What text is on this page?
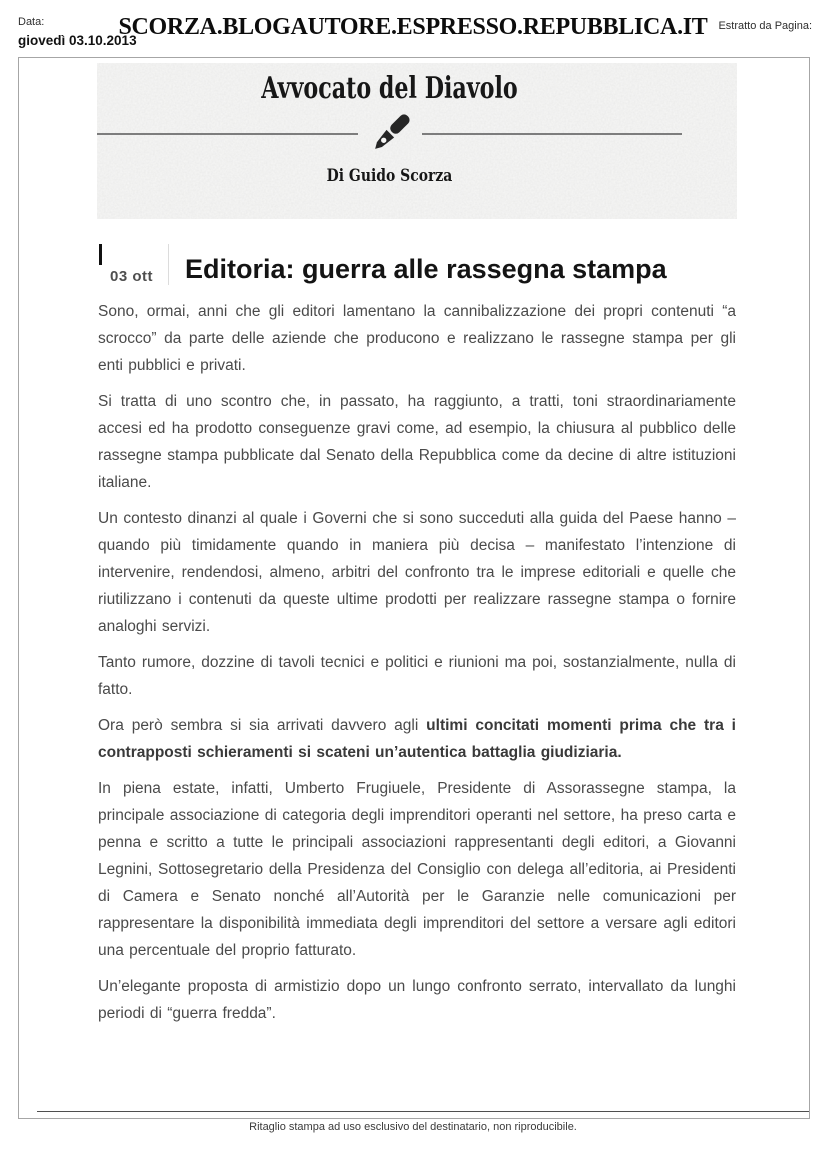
Data:
giovedì 03.10.2013
SCORZA.BLOGAUTORE.ESPRESSO.REPUBBLICA.IT Estratto da Pagina:
Avvocato del Diavolo
Di Guido Scorza
03 ott Editoria: guerra alle rassegna stampa

Sono, ormai, anni che gli editori lamentano la cannibalizzazione dei propri contenuti “a scrocco” da parte delle aziende che producono e realizzano le rassegne stampa per gli enti pubblici e privati.

Si tratta di uno scontro che, in passato, ha raggiunto, a tratti, toni straordinariamente accesi ed ha prodotto conseguenze gravi come, ad esempio, la chiusura al pubblico delle rassegne stampa pubblicate dal Senato della Repubblica come da decine di altre istituzioni italiane.

Un contesto dinanzi al quale i Governi che si sono succeduti alla guida del Paese hanno – quando più timidamente quando in maniera più decisa – manifestato l’intenzione di intervenire, rendendosi, almeno, arbitri del confronto tra le imprese editoriali e quelle che riutilizzano i contenuti da queste ultime prodotti per realizzare rassegne stampa o fornire analoghi servizi.

Tanto rumore, dozzine di tavoli tecnici e politici e riunioni ma poi, sostanzialmente, nulla di fatto.

Ora però sembra si sia arrivati davvero agli ultimi concitati momenti prima che tra i contrapposti schieramenti si scateni un’autentica battaglia giudiziaria.

In piena estate, infatti, Umberto Frugiuele, Presidente di Assorassegne stampa, la principale associazione di categoria degli imprenditori operanti nel settore, ha preso carta e penna e scritto a tutte le principali associazioni rappresentanti degli editori, a Giovanni Legnini, Sottosegretario della Presidenza del Consiglio con delega all’editoria, ai Presidenti di Camera e Senato nonché all’Autorità per le Garanzie nelle comunicazioni per rappresentare la disponibilità immediata degli imprenditori del settore a versare agli editori una percentuale del proprio fatturato.

Un’elegante proposta di armistizio dopo un lungo confronto serrato, intervallato da lunghi periodi di “guerra fredda”.

Ritaglio stampa ad uso esclusivo del destinatario, non riproducibile.
